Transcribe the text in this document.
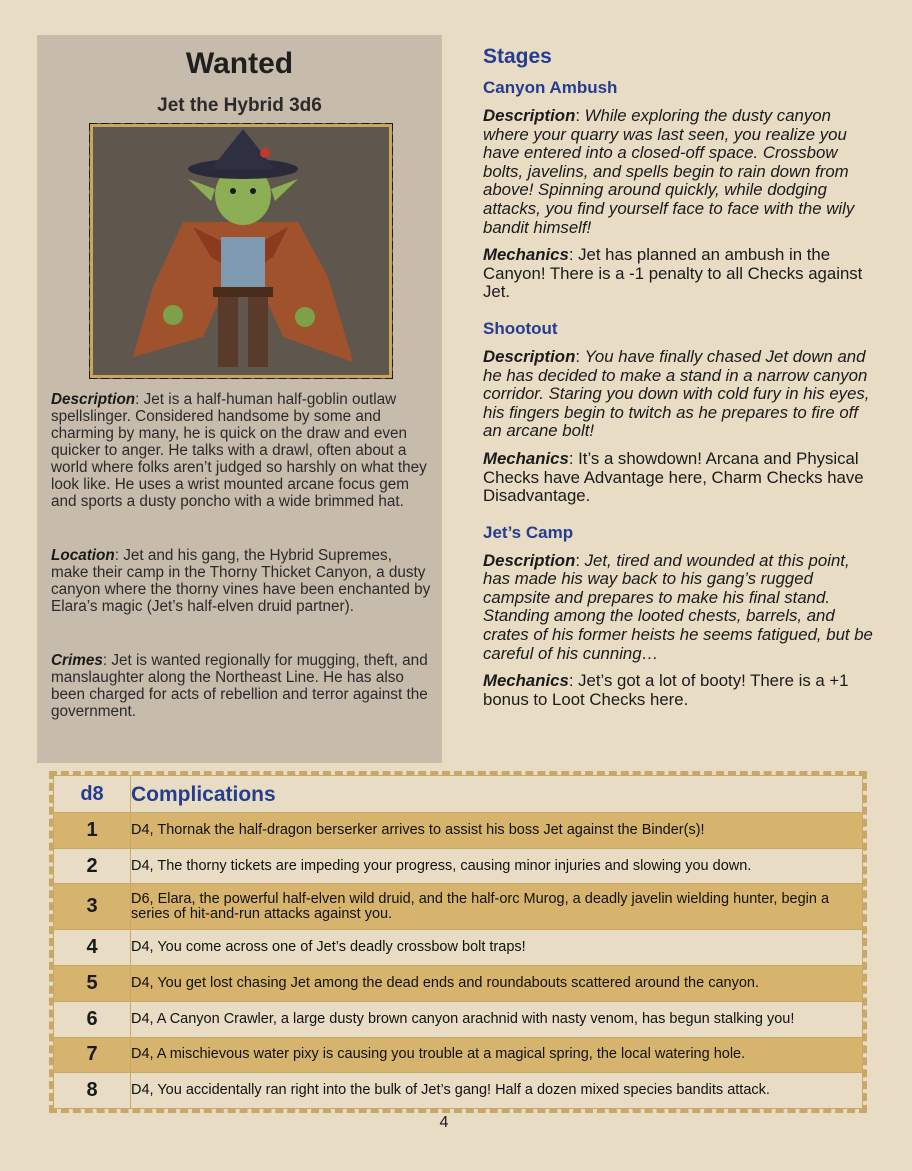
Wanted
Jet the Hybrid 3d6
Description: Jet is a half-human half-goblin outlaw spellslinger. Considered handsome by some and charming by many, he is quick on the draw and even quicker to anger. He talks with a drawl, often about a world where folks aren’t judged so harshly on what they look like. He uses a wrist mounted arcane focus gem and sports a dusty poncho with a wide brimmed hat.
Location: Jet and his gang, the Hybrid Supremes, make their camp in the Thorny Thicket Canyon, a dusty canyon where the thorny vines have been enchanted by Elara’s magic (Jet’s half-elven druid partner).
Crimes: Jet is wanted regionally for mugging, theft, and manslaughter along the Northeast Line. He has also been charged for acts of rebellion and terror against the government.
Stages
Canyon Ambush

Description: While exploring the dusty canyon where your quarry was last seen, you realize you have entered into a closed-off space. Crossbow bolts, javelins, and spells begin to rain down from above! Spinning around quickly, while dodging attacks, you find yourself face to face with the wily bandit himself!

Mechanics: Jet has planned an ambush in the Canyon! There is a -1 penalty to all Checks against Jet.

Shootout

Description: You have finally chased Jet down and he has decided to make a stand in a narrow canyon corridor. Staring you down with cold fury in his eyes, his fingers begin to twitch as he prepares to fire off an arcane bolt!

Mechanics: It’s a showdown! Arcana and Physical Checks have Advantage here, Charm Checks have Disadvantage.

Jet’s Camp

Description: Jet, tired and wounded at this point, has made his way back to his gang’s rugged campsite and prepares to make his final stand. Standing among the looted chests, barrels, and crates of his former heists he seems fatigued, but be careful of his cunning…

Mechanics: Jet’s got a lot of booty! There is a +1 bonus to Loot Checks here.

d8	Complications
1	D4, Thornak the half-dragon berserker arrives to assist his boss Jet against the Binder(s)!
2	D4, The thorny tickets are impeding your progress, causing minor injuries and slowing you down.
3	D6, Elara, the powerful half-elven wild druid, and the half-orc Murog, a deadly javelin wielding hunter, begin a series of hit-and-run attacks against you.
4	D4, You come across one of Jet’s deadly crossbow bolt traps!
5	D4, You get lost chasing Jet among the dead ends and roundabouts scattered around the canyon.
6	D4, A Canyon Crawler, a large dusty brown canyon arachnid with nasty venom, has begun stalking you!
7	D4, A mischievous water pixy is causing you trouble at a magical spring, the local watering hole.
8	D4, You accidentally ran right into the bulk of Jet’s gang! Half a dozen mixed species bandits attack.
4
